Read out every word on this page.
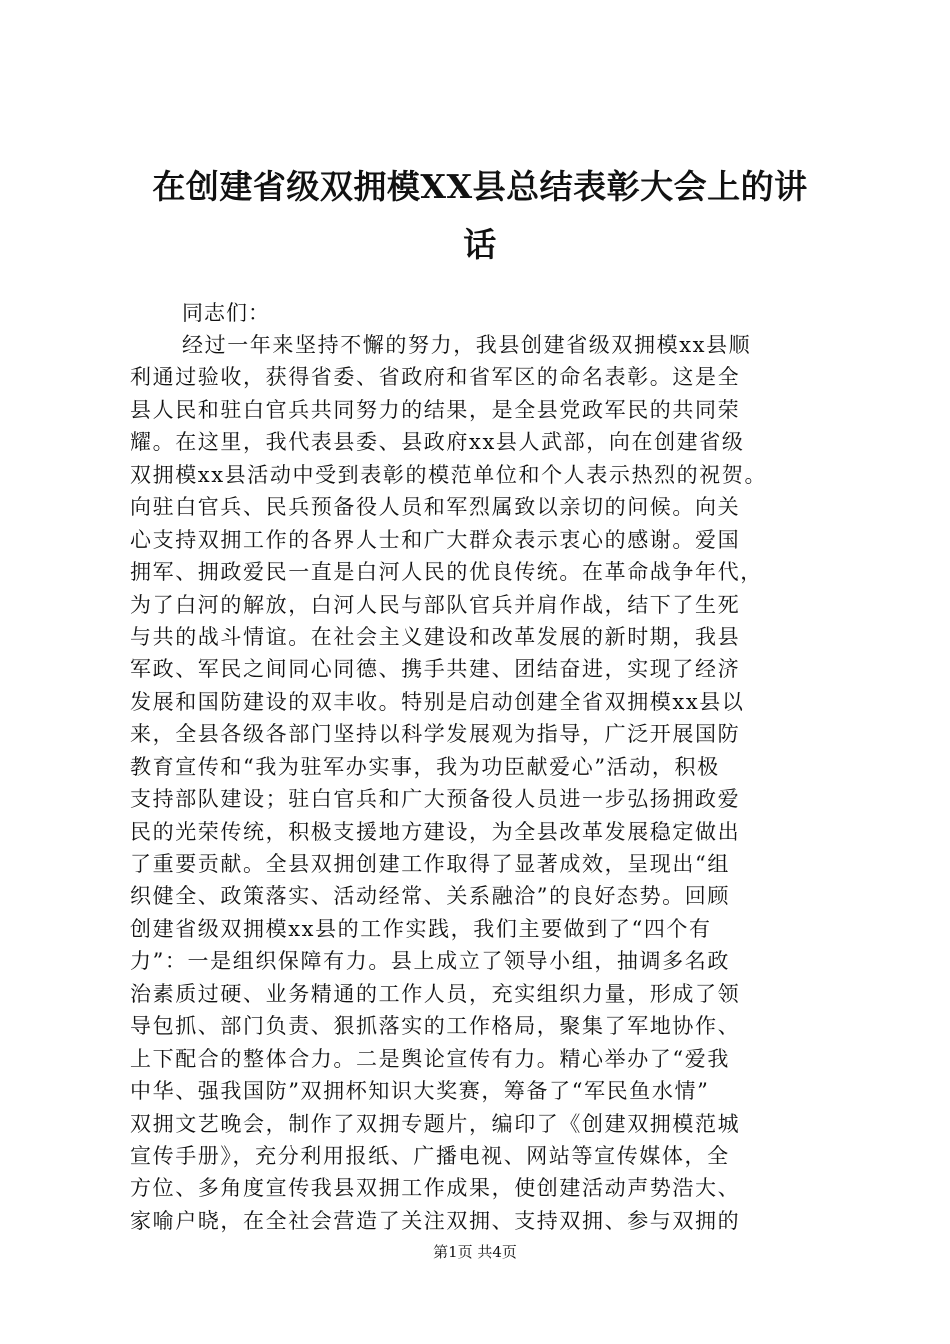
在创建省级双拥模XX县总结表彰大会上的讲
话
同志们：
经过一年来坚持不懈的努力，我县创建省级双拥模xx县顺
利通过验收，获得省委、省政府和省军区的命名表彰。这是全
县人民和驻白官兵共同努力的结果，是全县党政军民的共同荣
耀。在这里，我代表县委、县政府xx县人武部，向在创建省级
双拥模xx县活动中受到表彰的模范单位和个人表示热烈的祝贺。
向驻白官兵、民兵预备役人员和军烈属致以亲切的问候。向关
心支持双拥工作的各界人士和广大群众表示衷心的感谢。爱国
拥军、拥政爱民一直是白河人民的优良传统。在革命战争年代，
为了白河的解放，白河人民与部队官兵并肩作战，结下了生死
与共的战斗情谊。在社会主义建设和改革发展的新时期，我县
军政、军民之间同心同德、携手共建、团结奋进，实现了经济
发展和国防建设的双丰收。特别是启动创建全省双拥模xx县以
来，全县各级各部门坚持以科学发展观为指导，广泛开展国防
教育宣传和“我为驻军办实事，我为功臣献爱心”活动，积极
支持部队建设；驻白官兵和广大预备役人员进一步弘扬拥政爱
民的光荣传统，积极支援地方建设，为全县改革发展稳定做出
了重要贡献。全县双拥创建工作取得了显著成效，呈现出“组
织健全、政策落实、活动经常、关系融洽”的良好态势。回顾
创建省级双拥模xx县的工作实践，我们主要做到了“四个有
力”：一是组织保障有力。县上成立了领导小组，抽调多名政
治素质过硬、业务精通的工作人员，充实组织力量，形成了领
导包抓、部门负责、狠抓落实的工作格局，聚集了军地协作、
上下配合的整体合力。二是舆论宣传有力。精心举办了“爱我
中华、强我国防”双拥杯知识大奖赛，筹备了“军民鱼水情”
双拥文艺晚会，制作了双拥专题片，编印了《创建双拥模范城
宣传手册》，充分利用报纸、广播电视、网站等宣传媒体，全
方位、多角度宣传我县双拥工作成果，使创建活动声势浩大、
家喻户晓，在全社会营造了关注双拥、支持双拥、参与双拥的
第1页 共4页
